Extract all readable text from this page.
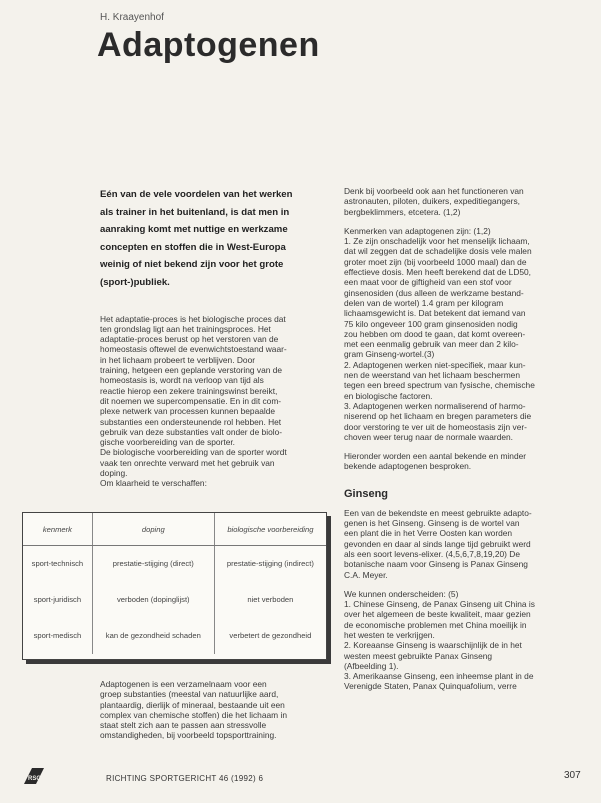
H. Kraayenhof
Adaptogenen

Eén van de vele voordelen van het werken

als trainer in het buitenland, is dat men in

aanraking komt met nuttige en werkzame

concepten en stoffen die in West-Europa

weinig of niet bekend zijn voor het grote

(sport-)publiek.

Het adaptatie-proces is het biologische proces dat

ten grondslag ligt aan het trainingsproces. Het

adaptatie-proces berust op het verstoren van de

homeostasis oftewel de evenwichtstoestand waar-

in het lichaam probeert te verblijven. Door

training, hetgeen een geplande verstoring van de

homeostasis is, wordt na verloop van tijd als

reactie hierop een zekere trainingswinst bereikt,

dit noemen we supercompensatie. En in dit com-

plexe netwerk van processen kunnen bepaalde

substanties een ondersteunende rol hebben. Het

gebruik van deze substanties valt onder de biolo-

gische voorbereiding van de sporter.

De biologische voorbereiding van de sporter wordt

vaak ten onrechte verward met het gebruik van

doping.

Om klaarheid te verschaffen:

kenmerk	doping	biologische voorbereiding
sport-technisch	prestatie-stijging (direct)	prestatie-stijging (indirect)
sport-juridisch	verboden (dopinglijst)	niet verboden
sport-medisch	kan de gezondheid schaden	verbetert de gezondheid

Adaptogenen is een verzamelnaam voor een

groep substanties (meestal van natuurlijke aard,

plantaardig, dierlijk of mineraal, bestaande uit een

complex van chemische stoffen) die het lichaam in

staat stelt zich aan te passen aan stressvolle

omstandigheden, bij voorbeeld topsporttraining.

Denk bij voorbeeld ook aan het functioneren van

astronauten, piloten, duikers, expeditiegangers,

bergbeklimmers, etcetera. (1,2)

Kenmerken van adaptogenen zijn: (1,2)

1. Ze zijn onschadelijk voor het menselijk lichaam,

dat wil zeggen dat de schadelijke dosis vele malen

groter moet zijn (bij voorbeeld 1000 maal) dan de

effectieve dosis. Men heeft berekend dat de LD50,

een maat voor de giftigheid van een stof voor

ginsenosiden (dus alleen de werkzame bestand-

delen van de wortel) 1.4 gram per kilogram

lichaamsgewicht is. Dat betekent dat iemand van

75 kilo ongeveer 100 gram ginsenosiden nodig

zou hebben om dood te gaan, dat komt overeen-

met een eenmalig gebruik van meer dan 2 kilo-

gram Ginseng-wortel.(3)

2. Adaptogenen werken niet-specifiek, maar kun-

nen de weerstand van het lichaam beschermen

tegen een breed spectrum van fysische, chemische

en biologische factoren.

3. Adaptogenen werken normaliserend of harmo-

niserend op het lichaam en bregen parameters die

door verstoring te ver uit de homeostasis zijn ver-

choven weer terug naar de normale waarden.

Hieronder worden een aantal bekende en minder

bekende adaptogenen besproken.

Ginseng

Een van de bekendste en meest gebruikte adapto-

genen is het Ginseng. Ginseng is de wortel van

een plant die in het Verre Oosten kan worden

gevonden en daar al sinds lange tijd gebruikt werd

als een soort levens-elixer. (4,5,6,7,8,19,20) De

botanische naam voor Ginseng is Panax Ginseng

C.A. Meyer.

We kunnen onderscheiden: (5)

1. Chinese Ginseng, de Panax Ginseng uit China is

over het algemeen de beste kwaliteit, maar gezien

de economische problemen met China moeilijk in

het westen te verkrijgen.

2. Koreaanse Ginseng is waarschijnlijk de in het

westen meest gebruikte Panax Ginseng

(Afbeelding 1).

3. Amerikaanse Ginseng, een inheemse plant in de

Verenigde Staten, Panax Quinquafolium, verre

RSG	RICHTING SPORTGERICHT 46 (1992) 6	307
